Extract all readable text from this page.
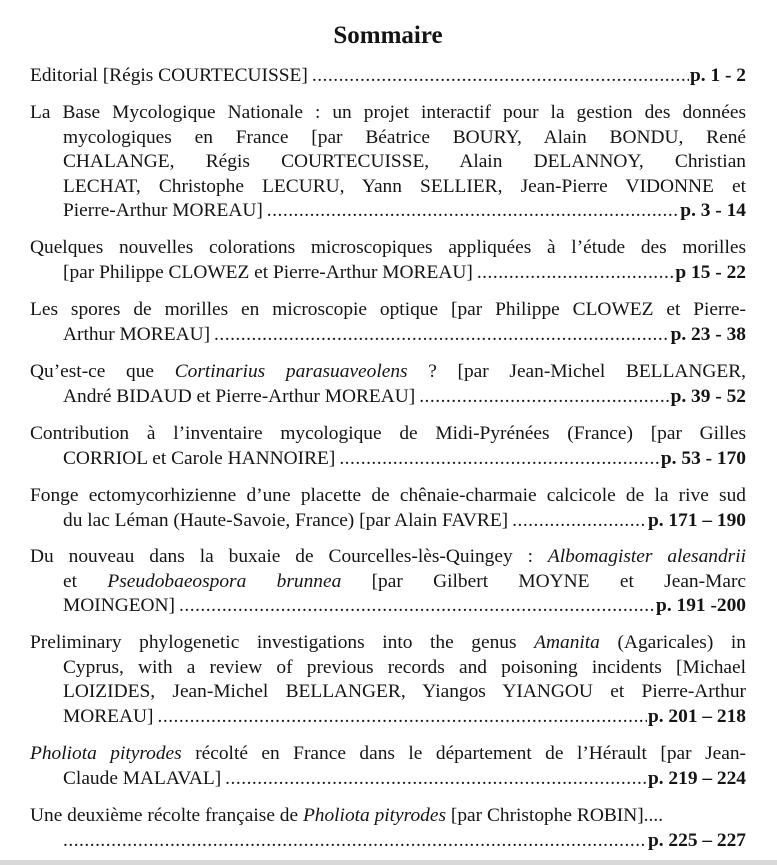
Sommaire
Editorial [Régis COURTECUISSE] .....	p. 1 - 2
La Base Mycologique Nationale : un projet interactif pour la gestion des données
mycologiques en France [par Béatrice BOURY, Alain BONDU, René
CHALANGE, Régis COURTECUISSE, Alain DELANNOY, Christian
LECHAT, Christophe LECURU, Yann SELLIER, Jean-Pierre VIDONNE et
Pierre-Arthur MOREAU] .....	p. 3 - 14
Quelques nouvelles colorations microscopiques appliquées à l’étude des morilles
[par Philippe CLOWEZ et Pierre-Arthur MOREAU] .....	p 15 - 22
Les spores de morilles en microscopie optique [par Philippe CLOWEZ et Pierre-
Arthur MOREAU] .....	p. 23 - 38
Qu’est-ce que Cortinarius parasuaveolens ? [par Jean-Michel BELLANGER,
André BIDAUD et Pierre-Arthur MOREAU] .....	p. 39 - 52
Contribution à l’inventaire mycologique de Midi-Pyrénées (France) [par Gilles
CORRIOL et Carole HANNOIRE] .....	p. 53 - 170
Fonge ectomycorhizienne d’une placette de chênaie-charmaie calcicole de la rive sud
du lac Léman (Haute-Savoie, France) [par Alain FAVRE] .....	p. 171 – 190
Du nouveau dans la buxaie de Courcelles-lès-Quingey : Albomagister alesandrii
et Pseudobaeospora brunnea [par Gilbert MOYNE et Jean-Marc
MOINGEON] .....	p. 191 -200
Preliminary phylogenetic investigations into the genus Amanita (Agaricales) in
Cyprus, with a review of previous records and poisoning incidents [Michael
LOIZIDES, Jean-Michel BELLANGER, Yiangos YIANGOU et Pierre-Arthur
MOREAU] .....	p. 201 – 218
Pholiota pityrodes récolté en France dans le département de l’Hérault [par Jean-
Claude MALAVAL] .....	p. 219 – 224
Une deuxième récolte française de Pholiota pityrodes [par Christophe ROBIN]....
.....
p. 225 – 227
